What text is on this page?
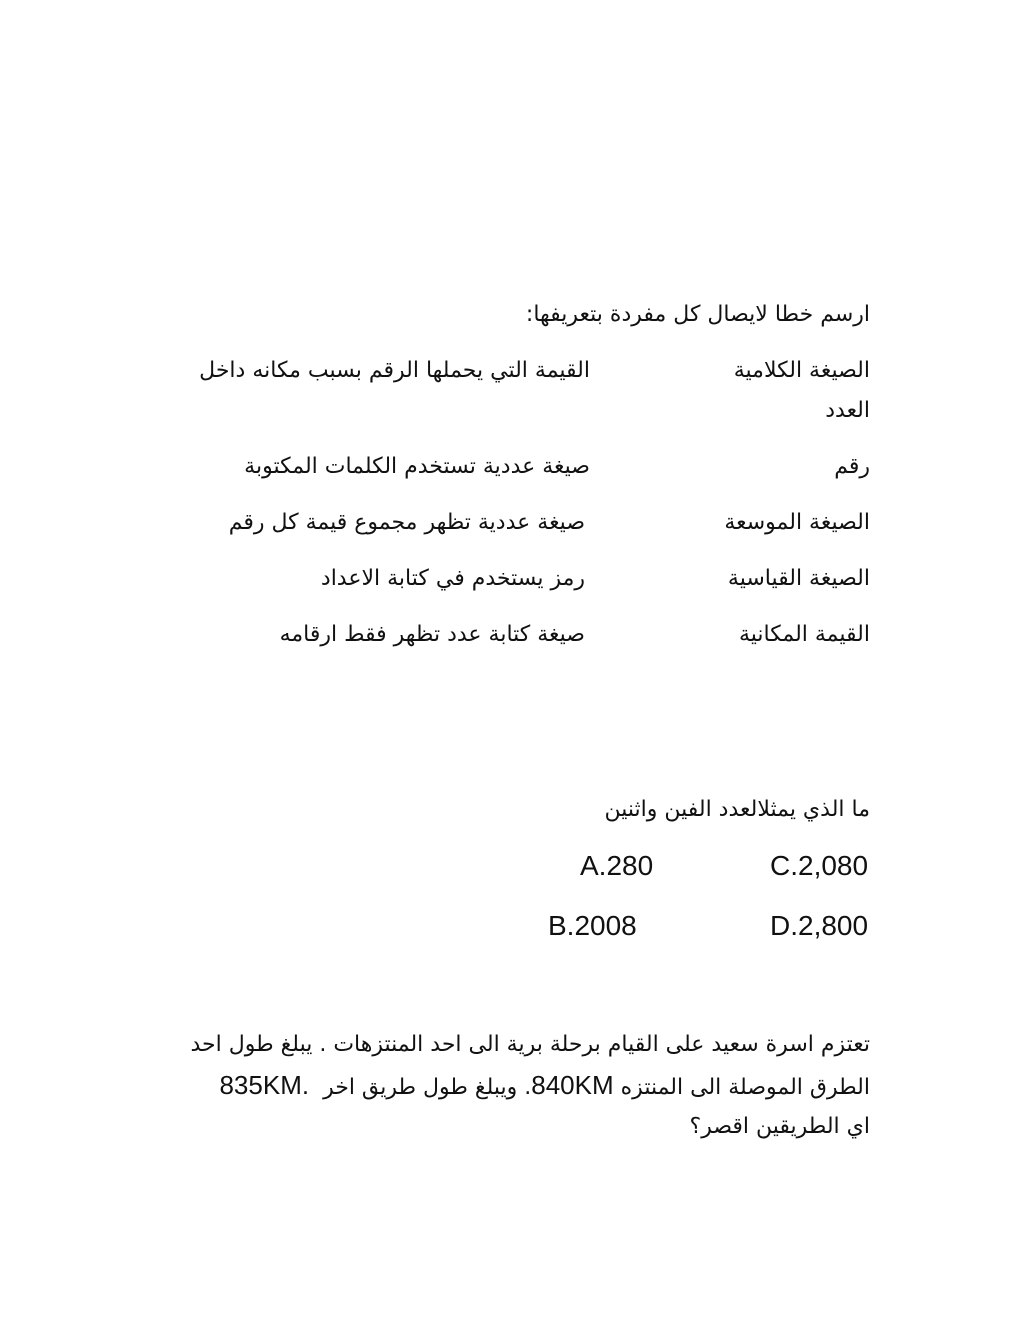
ارسم خطا لايصال كل مفردة بتعريفها:
الصيغة الكلامية
القيمة التي يحملها الرقم بسبب مكانه داخل
العدد
رقم
صيغة عددية تستخدم الكلمات المكتوبة
الصيغة الموسعة
صيغة عددية تظهر مجموع قيمة كل رقم
الصيغة القياسية
رمز يستخدم في كتابة الاعداد
القيمة المكانية
صيغة كتابة عدد تظهر فقط ارقامه
ما الذي يمثلالعدد الفين واثنين
C.2,080
A.280
D.2,800
B.2008
تعتزم اسرة سعيد على القيام برحلة برية الى احد المنتزهات . يبلغ طول احد
الطرق الموصلة الى المنتزه 840KM. ويبلغ طول طريق اخر  835KM.
اي الطريقين اقصر؟
